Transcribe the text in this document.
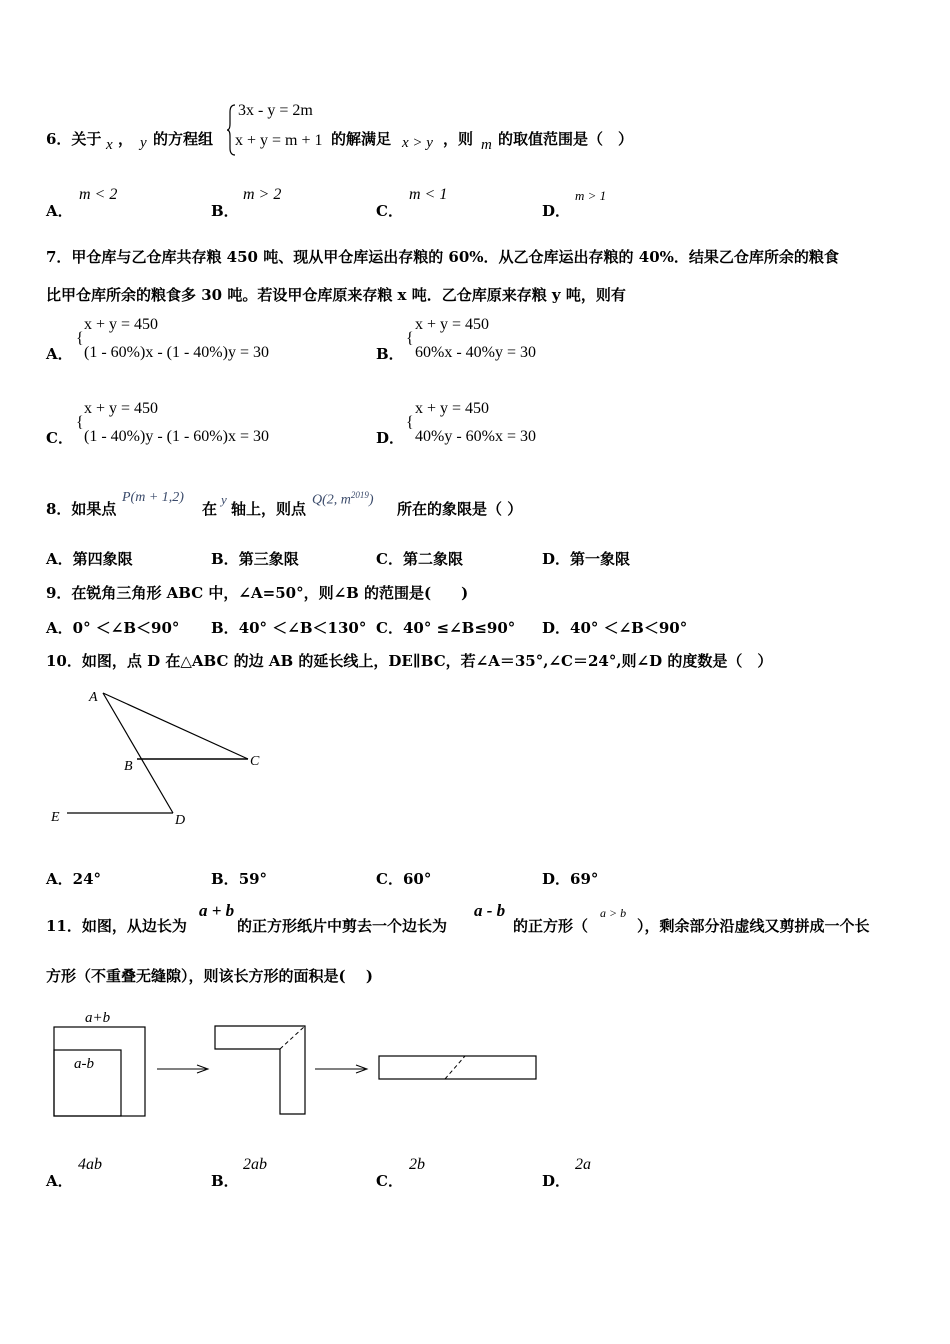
6．关于 x ， y 的方程组
3x - y = 2m
x + y = m + 1 的解满足 x > y ，则 m 的取值范围是（　）
A．
m < 2
B．
m > 2
C．
m < 1
D．
m > 1
7．甲仓库与乙仓库共存粮 450 吨、现从甲仓库运出存粮的 60%．从乙仓库运出存粮的 40%．结果乙仓库所余的粮食
比甲仓库所余的粮食多 30 吨。若设甲仓库原来存粮 x 吨．乙仓库原来存粮 y 吨，则有
A．
{
x + y = 450
(1 - 60%)x - (1 - 40%)y = 30	B．
{
x + y = 450
60%x - 40%y = 30
C．
{
x + y = 450
(1 - 40%)y - (1 - 60%)x = 30	D．
{
x + y = 450
40%y - 60%x = 30
8．如果点
P(m + 1,2)
在
y
轴上，则点 Q(2, $m^{2019}$) 所在的象限是（ ）
A．第四象限	B．第三象限	C．第二象限	D．第一象限
9．在锐角三角形 ABC 中，∠A=50°，则∠B 的范围是(　　)
A．0° ＜∠B＜90° B．40° ＜∠B＜130° C．40° ≤∠B≤90° D．40° ＜∠B＜90°
10．如图，点 D 在△ABC 的边 AB 的延长线上，DE∥BC，若∠A＝35°,∠C＝24°,则∠D 的度数是（　）
A
B	C
D
E
A．24°	B．59°	C．60°	D．69°
11．如图，从边长为
a + b
的正方形纸片中剪去一个边长为
a - b
的正方形（
a > b
），剩余部分沿虚线又剪拼成一个长
方形（不重叠无缝隙），则该长方形的面积是(　 )
a+b
a-b
A．
4ab
B．
2ab
C．
2b
D．
2a
